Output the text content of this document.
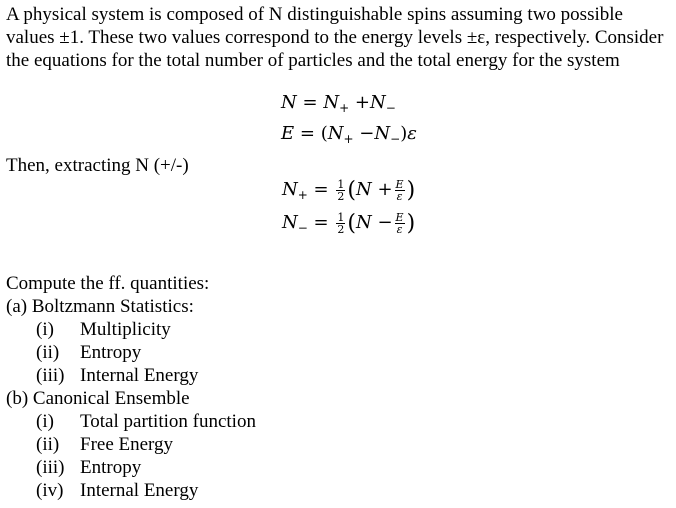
A physical system is composed of N distinguishable spins assuming two possible values ±1. These two values correspond to the energy levels ±ε, respectively. Consider the equations for the total number of particles and the total energy for the system

$N = N_+ +N_-$
$E = (N_+ -N_-)\varepsilon$

Then, extracting N (+/-)

$N_+ = \frac{1}{2} (N + \frac{E}{\varepsilon}$ )
$N_- = \frac{1}{2} (N - \frac{E}{\varepsilon}$ )

Compute the ff. quantities:

(a) Boltzmann Statistics:
(i) Multiplicity
(ii) Entropy
(iii) Internal Energy
(b) Canonical Ensemble
(i) Total partition function
(ii) Free Energy
(iii) Entropy
(iv) Internal Energy
